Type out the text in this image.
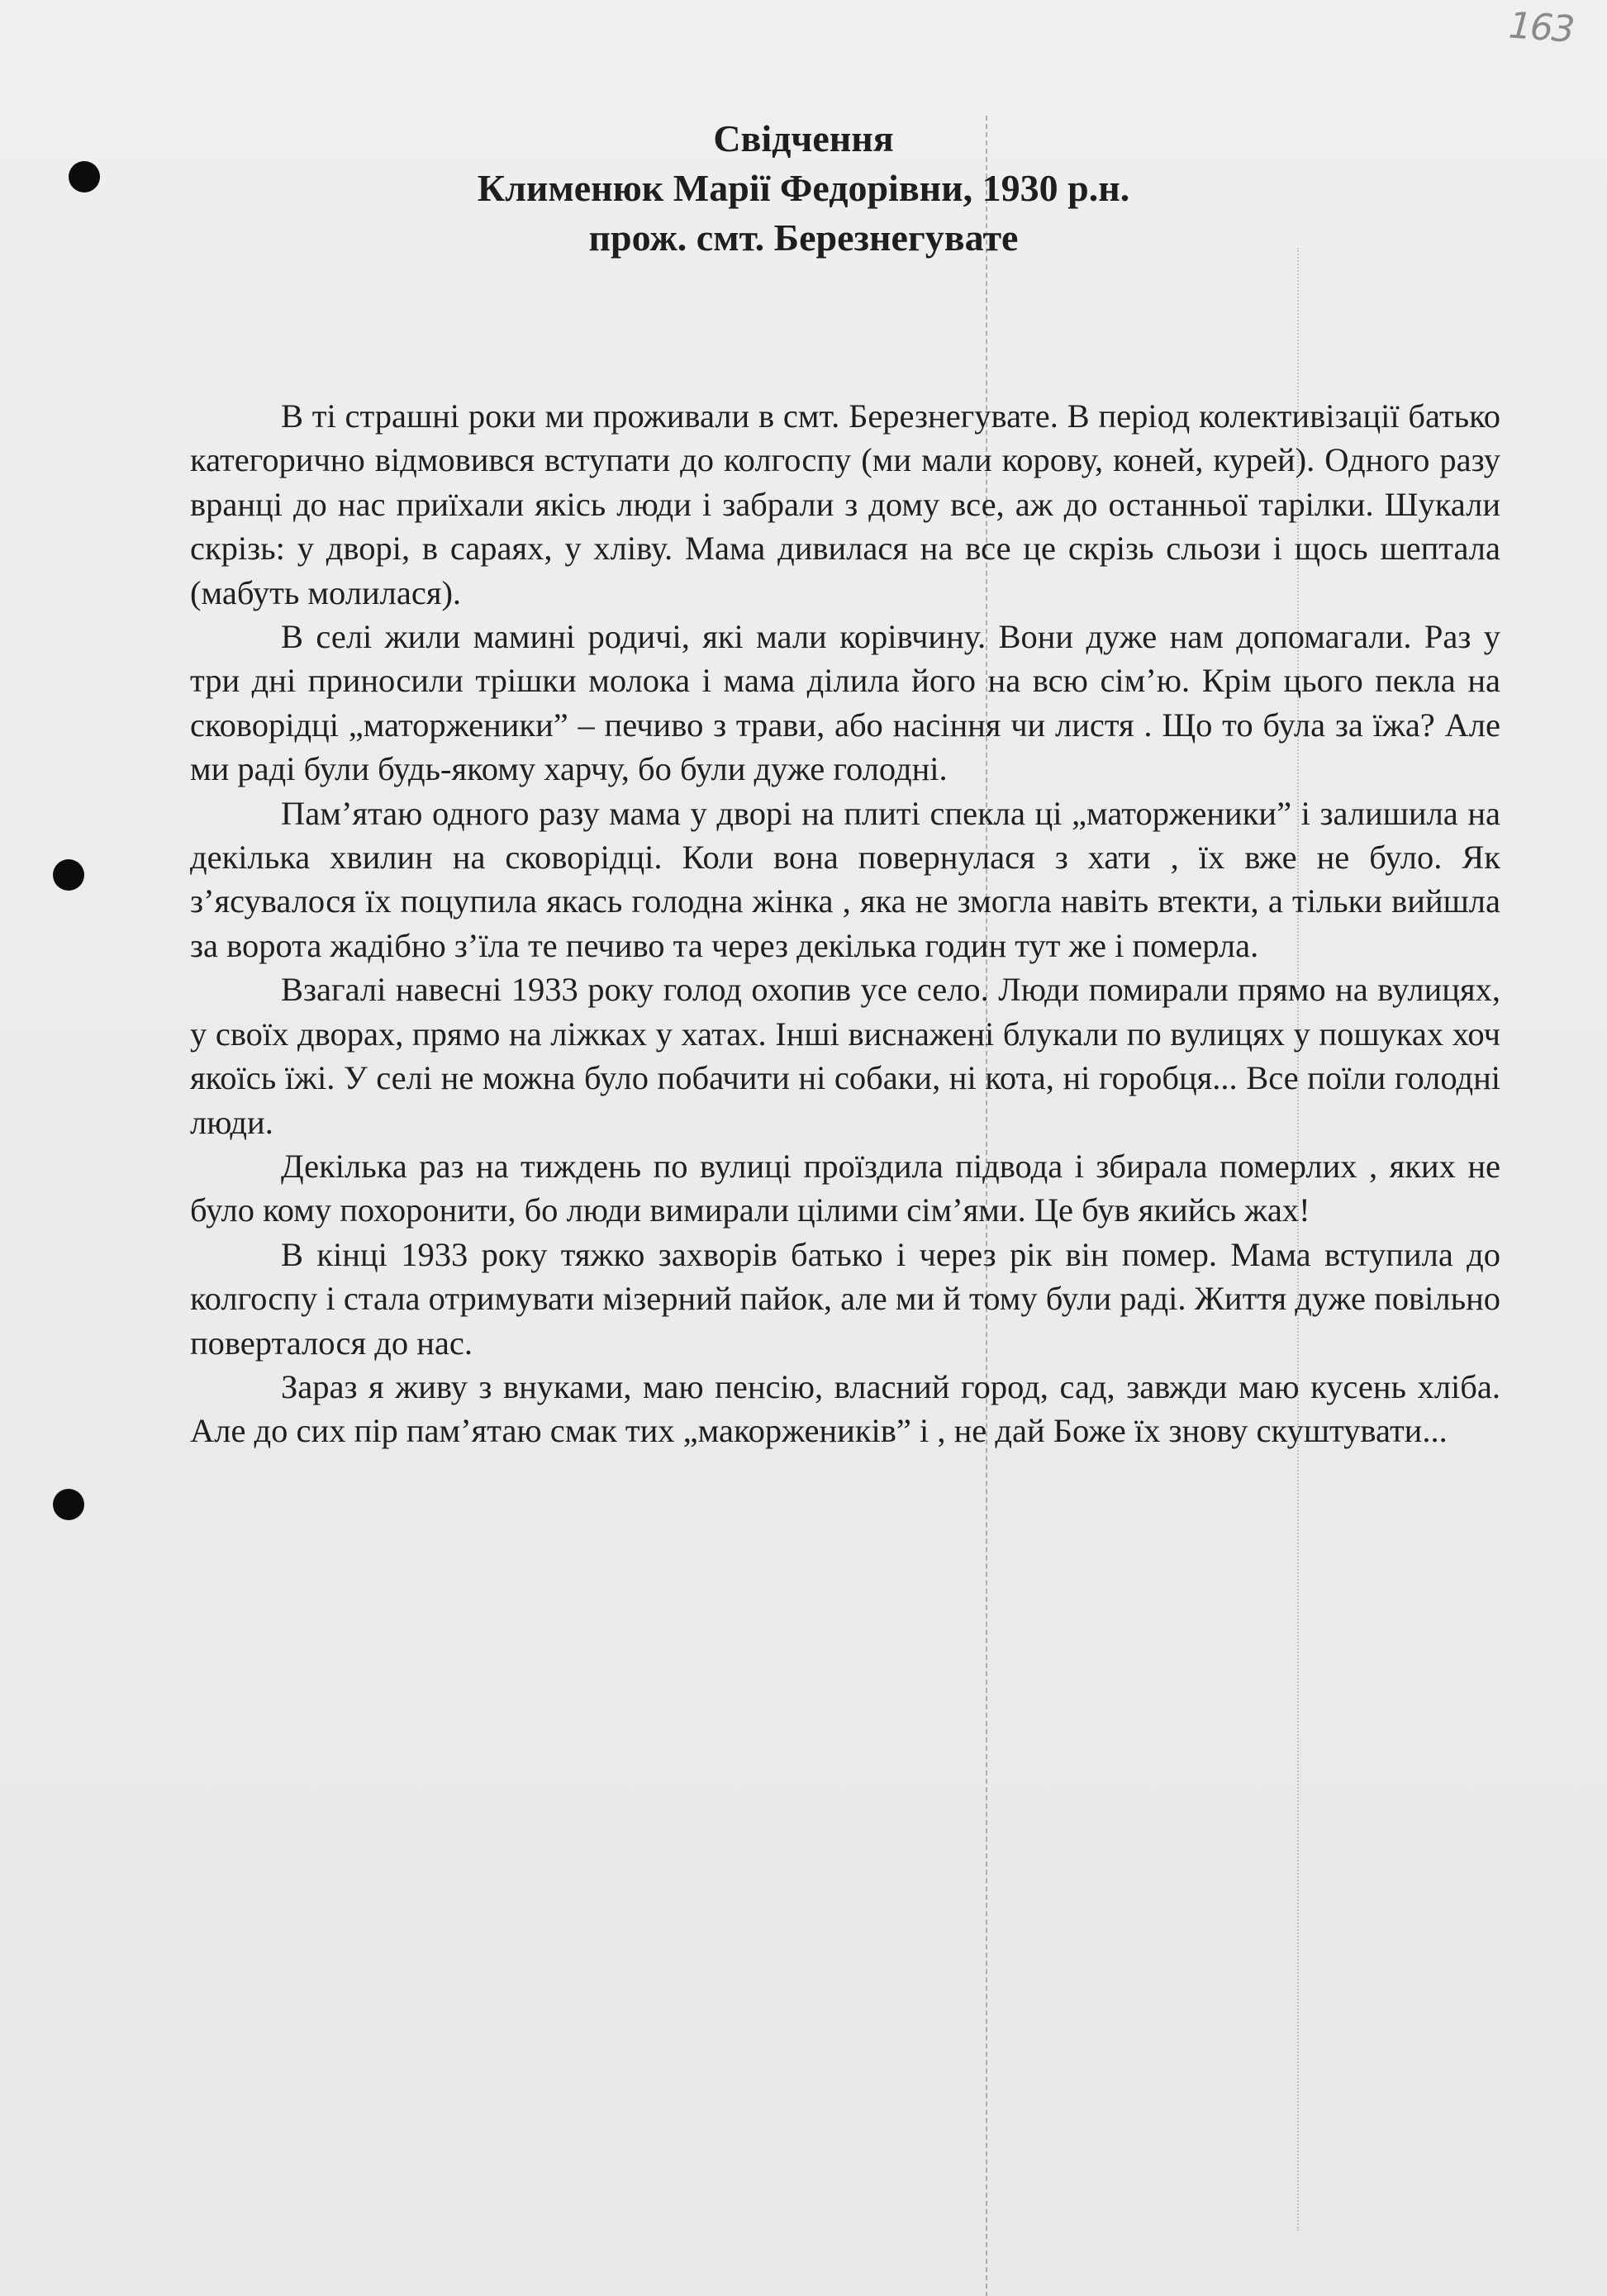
163
Свідчення
Клименюк Марії Федорівни, 1930 р.н.
прож. смт. Березнегувате

В ті страшні роки ми проживали в смт. Березнегувате. В період колективізації батько категорично відмовився вступати до колгоспу (ми мали корову, коней, курей). Одного разу вранці до нас приїхали якісь люди і забрали з дому все, аж до останньої тарілки. Шукали скрізь: у дворі, в сараях, у хліву. Мама дивилася на все це скрізь сльози і щось шептала (мабуть молилася).

В селі жили мамині родичі, які мали корівчину. Вони дуже нам допомагали. Раз у три дні приносили трішки молока і мама ділила його на всю сім’ю. Крім цього пекла на сковорідці „маторженики” – печиво з трави, або насіння чи листя . Що то була за їжа? Але ми раді були будь-якому харчу, бо були дуже голодні.

Пам’ятаю одного разу мама у дворі на плиті спекла ці „маторженики” і залишила на декілька хвилин на сковорідці. Коли вона повернулася з хати , їх вже не було. Як з’ясувалося їх поцупила якась голодна жінка , яка не змогла навіть втекти, а тільки вийшла за ворота жадібно з’їла те печиво та через декілька годин тут же і померла.

Взагалі навесні 1933 року голод охопив усе село. Люди помирали прямо на вулицях, у своїх дворах, прямо на ліжках у хатах. Інші виснажені блукали по вулицях у пошуках хоч якоїсь їжі. У селі не можна було побачити ні собаки, ні кота, ні горобця... Все поїли голодні люди.

Декілька раз на тиждень по вулиці проїздила підвода і збирала померлих , яких не було кому похоронити, бо люди вимирали цілими сім’ями. Це був якийсь жах!

В кінці 1933 року тяжко захворів батько і через рік він помер. Мама вступила до колгоспу і стала отримувати мізерний пайок, але ми й тому були раді. Життя дуже повільно поверталося до нас.

Зараз я живу з внуками, маю пенсію, власний город, сад, завжди маю кусень хліба. Але до сих пір пам’ятаю смак тих „макорженикiв” і , не дай Боже їх знову скуштувати...
